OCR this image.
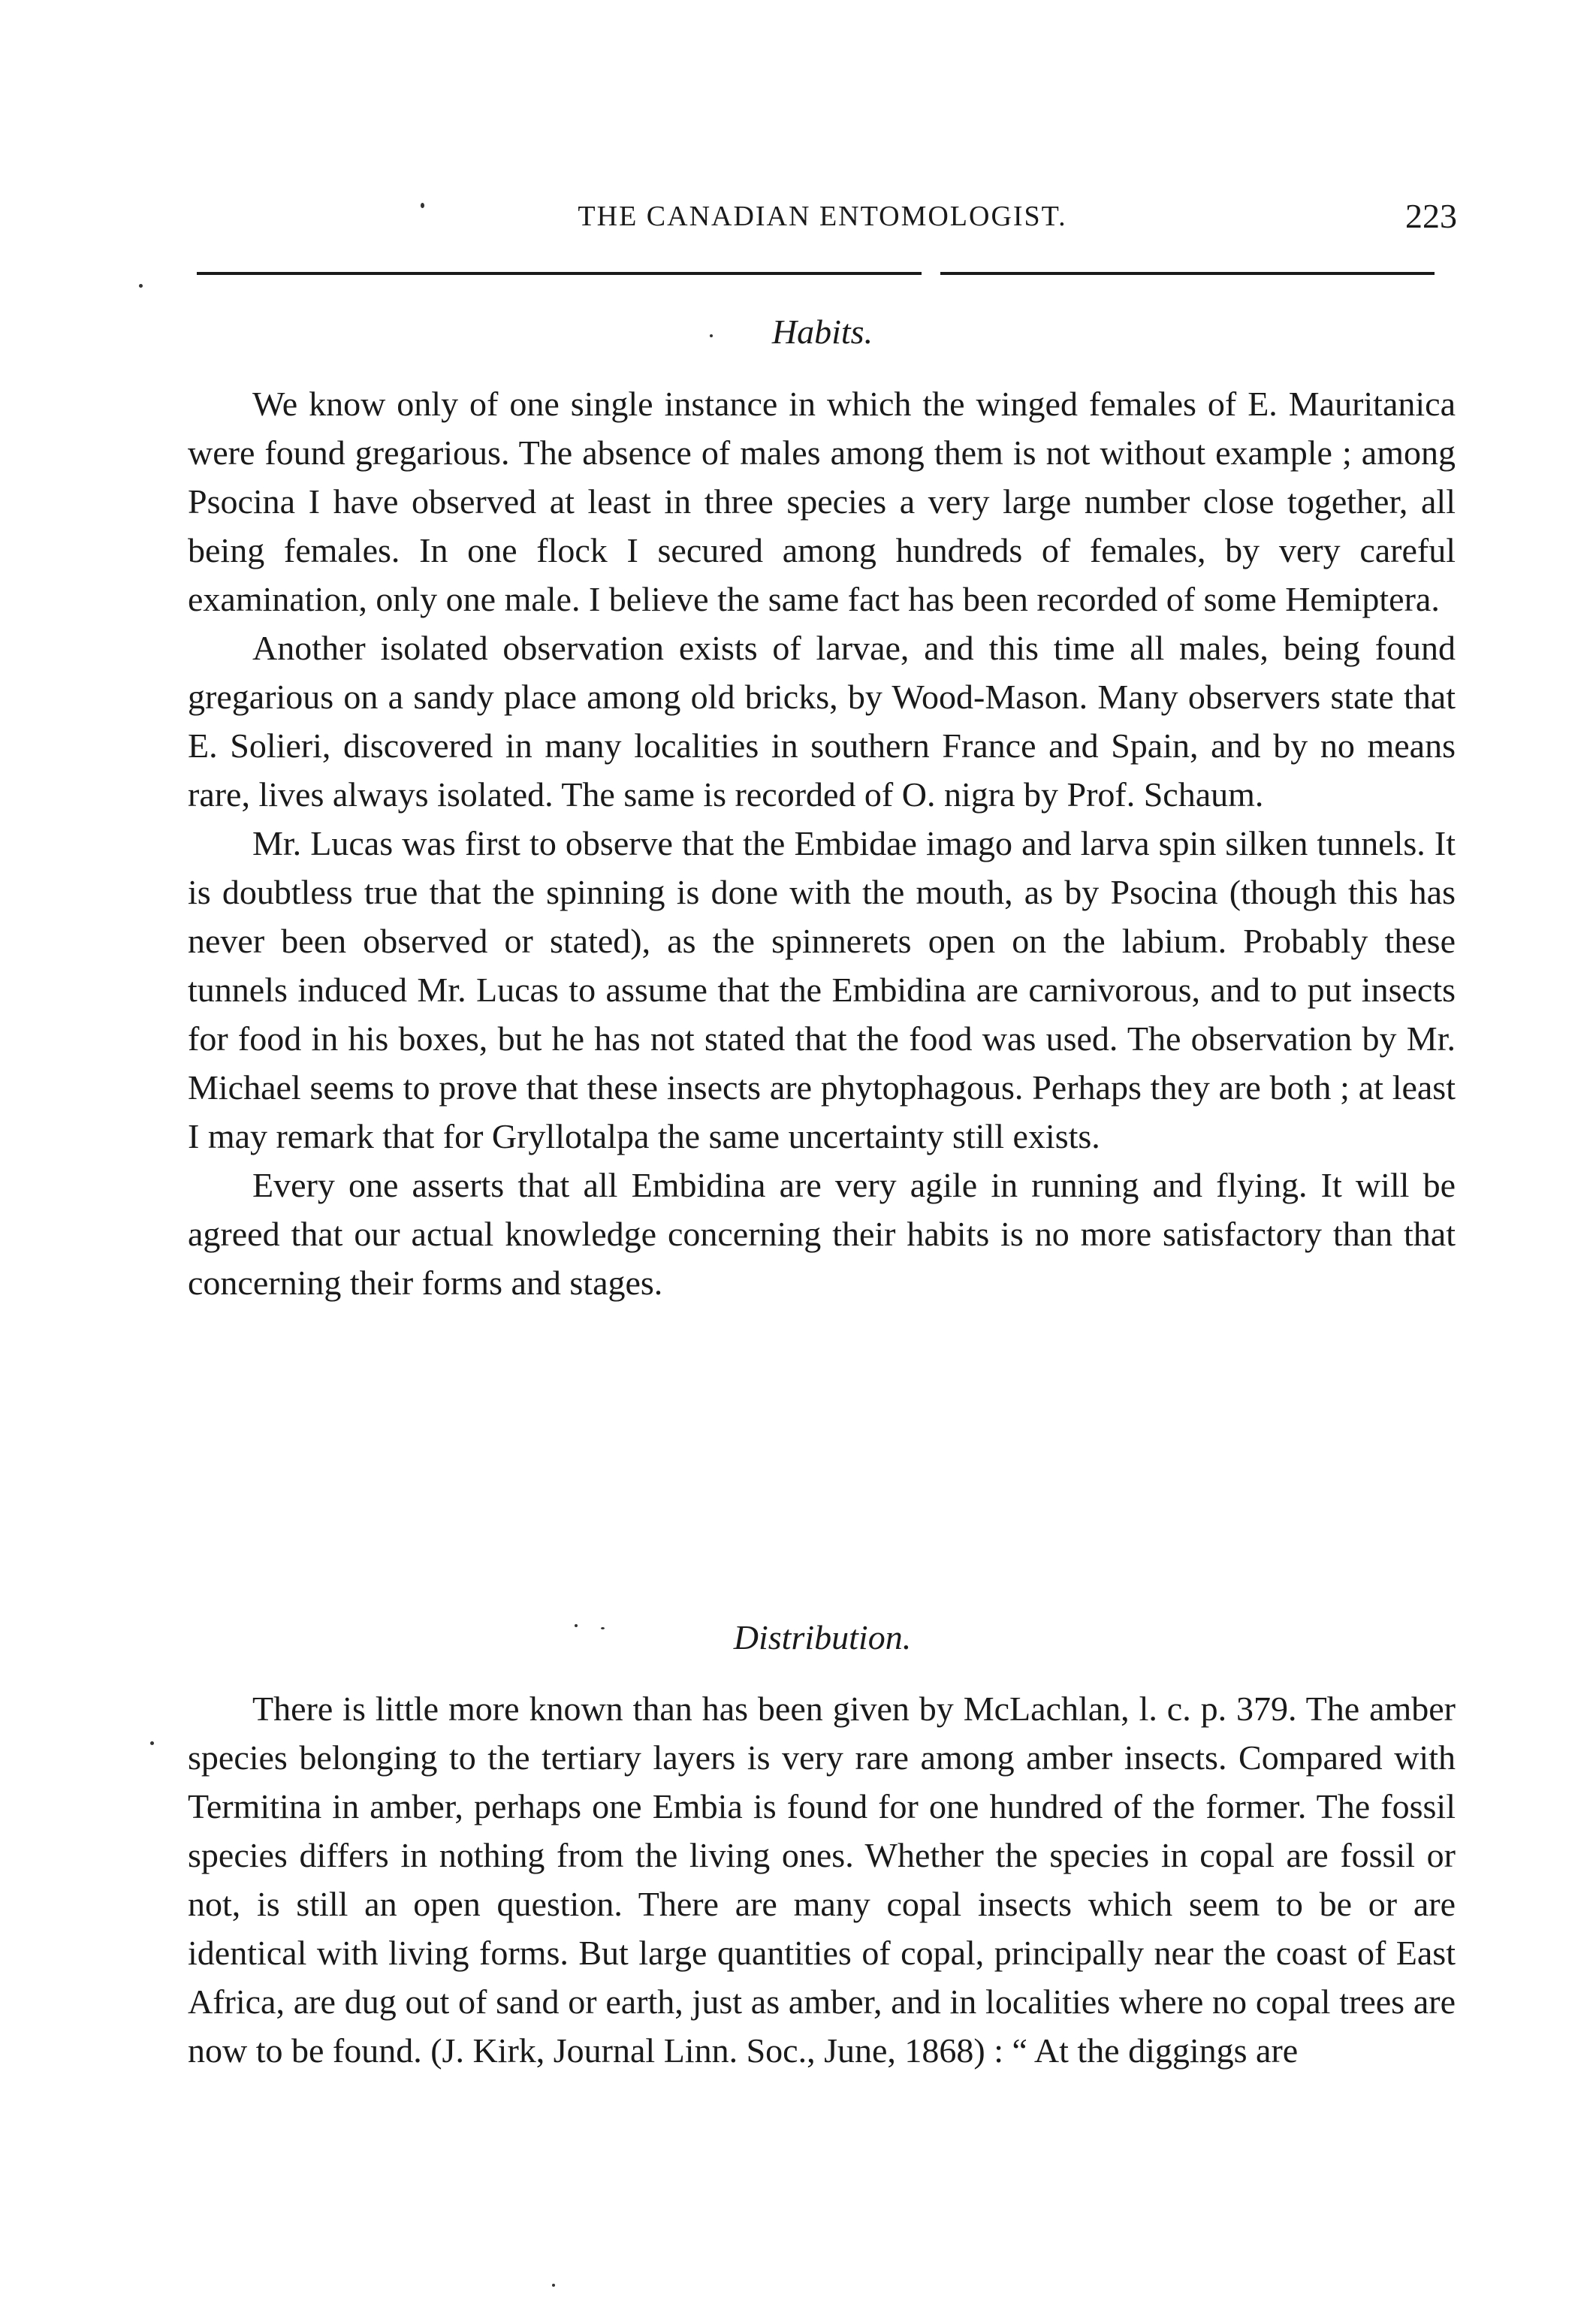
THE CANADIAN ENTOMOLOGIST.	223
Habits.

We know only of one single instance in which the winged females of E. Mauritanica were found gregarious. The absence of males among them is not without example ; among Psocina I have observed at least in three species a very large number close together, all being females. In one flock I secured among hundreds of females, by very careful examination, only one male. I believe the same fact has been recorded of some Hemiptera.

Another isolated observation exists of larvae, and this time all males, being found gregarious on a sandy place among old bricks, by Wood-Mason. Many observers state that E. Solieri, discovered in many localities in southern France and Spain, and by no means rare, lives always isolated. The same is recorded of O. nigra by Prof. Schaum.

Mr. Lucas was first to observe that the Embidae imago and larva spin silken tunnels. It is doubtless true that the spinning is done with the mouth, as by Psocina (though this has never been observed or stated), as the spinnerets open on the labium. Probably these tunnels induced Mr. Lucas to assume that the Embidina are carnivorous, and to put insects for food in his boxes, but he has not stated that the food was used. The observation by Mr. Michael seems to prove that these insects are phytophagous. Perhaps they are both ; at least I may remark that for Gryllotalpa the same uncertainty still exists.

Every one asserts that all Embidina are very agile in running and flying. It will be agreed that our actual knowledge concerning their habits is no more satisfactory than that concerning their forms and stages.

Distribution.

There is little more known than has been given by McLachlan, l. c. p. 379. The amber species belonging to the tertiary layers is very rare among amber insects. Compared with Termitina in amber, perhaps one Embia is found for one hundred of the former. The fossil species differs in nothing from the living ones. Whether the species in copal are fossil or not, is still an open question. There are many copal insects which seem to be or are identical with living forms. But large quantities of copal, principally near the coast of East Africa, are dug out of sand or earth, just as amber, and in localities where no copal trees are now to be found. (J. Kirk, Journal Linn. Soc., June, 1868) : “ At the diggings are
